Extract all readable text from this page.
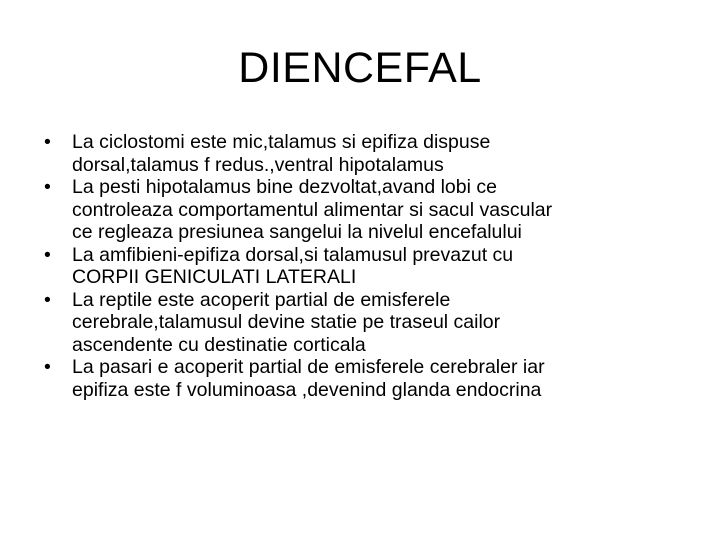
DIENCEFAL
•	La ciclostomi este mic,talamus si epifiza dispuse
dorsal,talamus f redus.,ventral hipotalamus
•	La pesti hipotalamus bine dezvoltat,avand lobi ce
controleaza comportamentul alimentar si sacul vascular
ce regleaza presiunea sangelui la nivelul encefalului
•	La amfibieni-epifiza dorsal,si talamusul prevazut cu
CORPII GENICULATI LATERALI
•	La reptile este acoperit partial de emisferele
cerebrale,talamusul devine statie pe traseul cailor
ascendente cu destinatie corticala
•	La pasari e acoperit partial de emisferele cerebraler iar
epifiza este f voluminoasa ,devenind glanda endocrina
